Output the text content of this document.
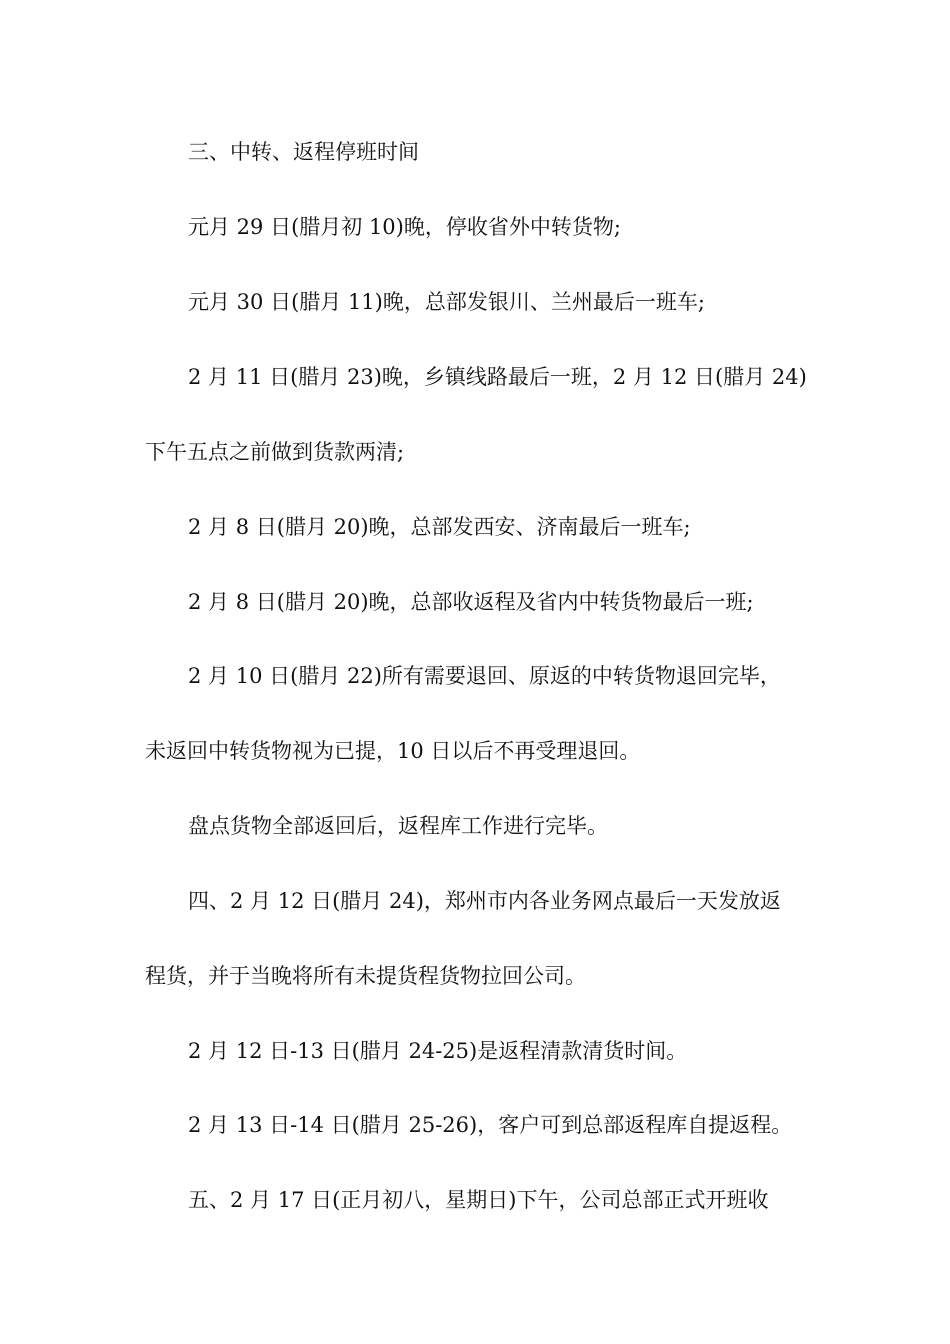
三、中转、返程停班时间
元月 29 日(腊月初 10)晚，停收省外中转货物;
元月 30 日(腊月 11)晚，总部发银川、兰州最后一班车;
2 月 11 日(腊月 23)晚，乡镇线路最后一班，2 月 12 日(腊月 24)
下午五点之前做到货款两清;
2 月 8 日(腊月 20)晚，总部发西安、济南最后一班车;
2 月 8 日(腊月 20)晚，总部收返程及省内中转货物最后一班;
2 月 10 日(腊月 22)所有需要退回、原返的中转货物退回完毕，
未返回中转货物视为已提，10 日以后不再受理退回。
盘点货物全部返回后，返程库工作进行完毕。
四、2 月 12 日(腊月 24)，郑州市内各业务网点最后一天发放返
程货，并于当晚将所有未提货程货物拉回公司。
2 月 12 日-13 日(腊月 24-25)是返程清款清货时间。
2 月 13 日-14 日(腊月 25-26)，客户可到总部返程库自提返程。
五、2 月 17 日(正月初八，星期日)下午，公司总部正式开班收
